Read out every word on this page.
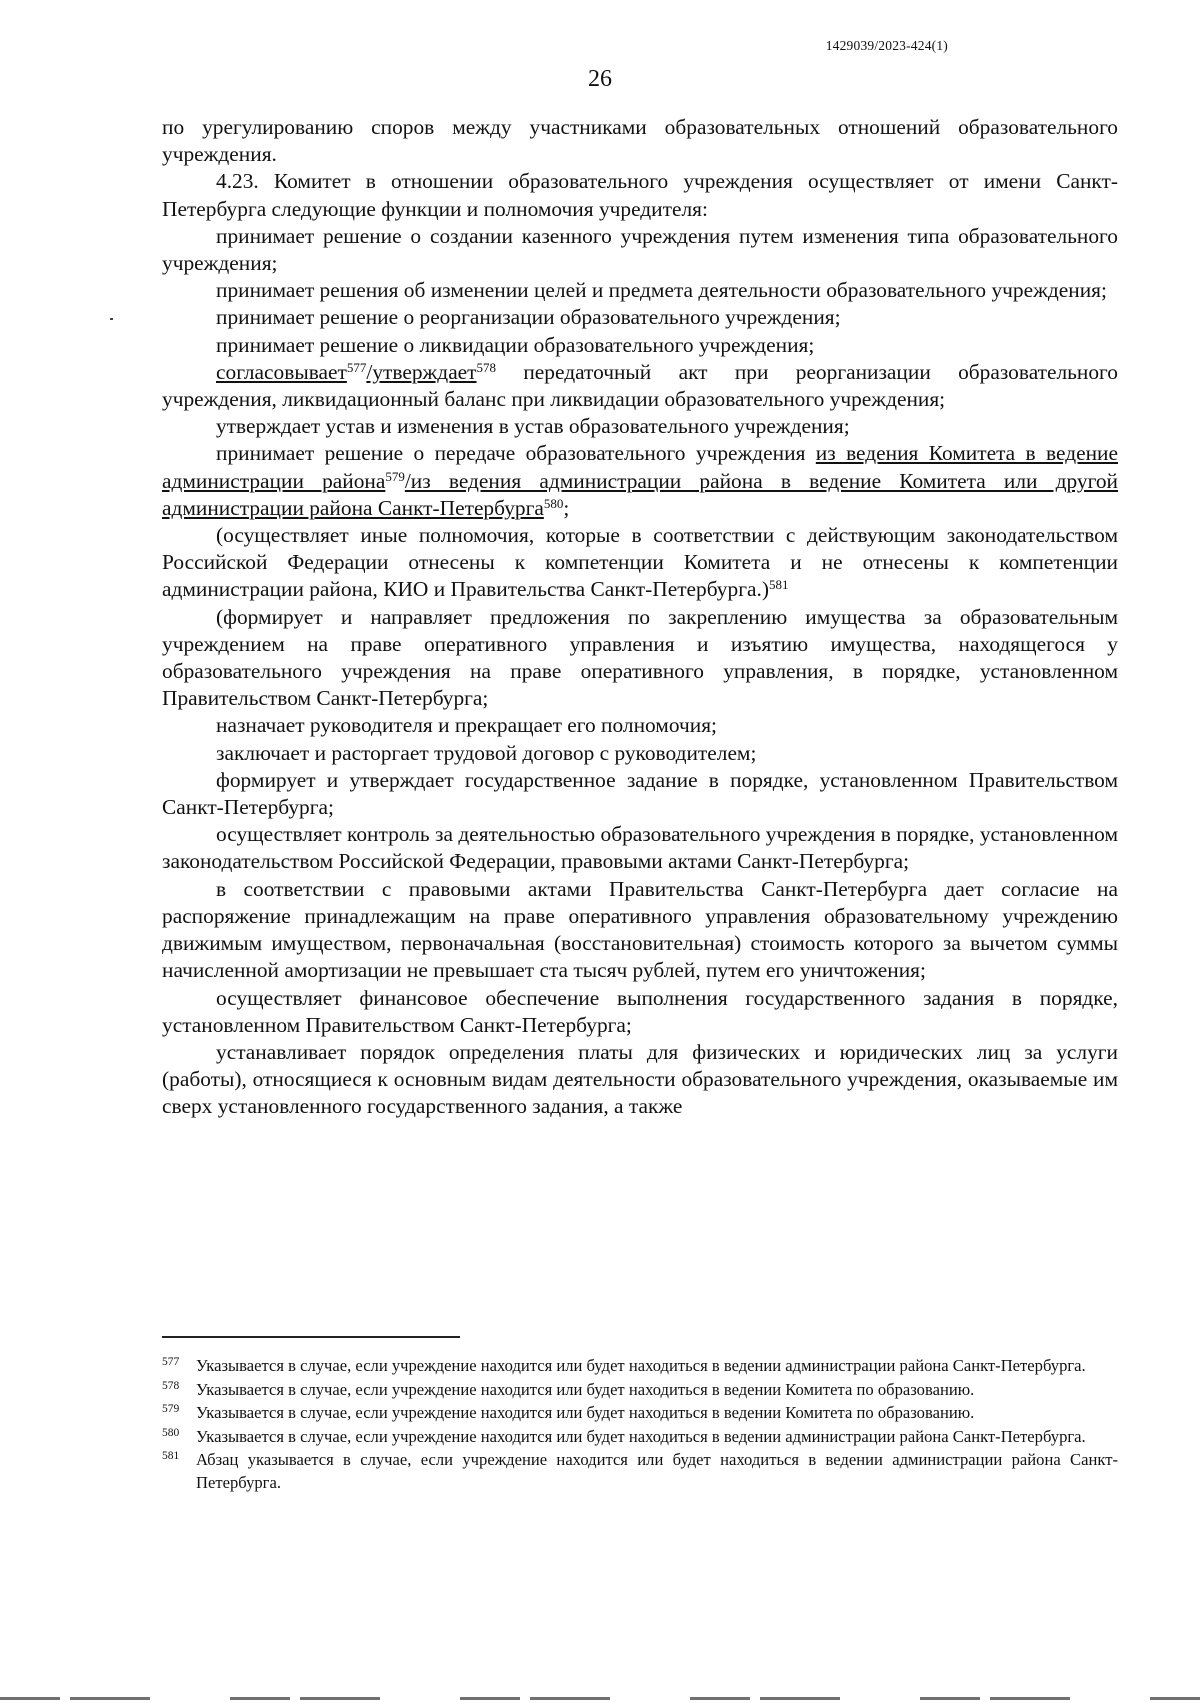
1429039/2023-424(1)
26

по урегулированию споров между участниками образовательных отношений образовательного учреждения.

4.23. Комитет в отношении образовательного учреждения осуществляет от имени Санкт-Петербурга следующие функции и полномочия учредителя:

принимает решение о создании казенного учреждения путем изменения типа образовательного учреждения;

принимает решения об изменении целей и предмета деятельности образовательного учреждения;

принимает решение о реорганизации образовательного учреждения;

принимает решение о ликвидации образовательного учреждения;

согласовывает$^{577}$/утверждает$^{578}$ передаточный акт при реорганизации образовательного учреждения, ликвидационный баланс при ликвидации образовательного учреждения;

утверждает устав и изменения в устав образовательного учреждения;

принимает решение о передаче образовательного учреждения из ведения Комитета в ведение администрации района$^{579}$/из ведения администрации района в ведение Комитета или другой администрации района Санкт-Петербурга$^{580}$;

(осуществляет иные полномочия, которые в соответствии с действующим законодательством Российской Федерации отнесены к компетенции Комитета и не отнесены к компетенции администрации района, КИО и Правительства Санкт-Петербурга.)$^{581}$

(формирует и направляет предложения по закреплению имущества за образовательным учреждением на праве оперативного управления и изъятию имущества, находящегося у образовательного учреждения на праве оперативного управления, в порядке, установленном Правительством Санкт-Петербурга;

назначает руководителя и прекращает его полномочия;

заключает и расторгает трудовой договор с руководителем;

формирует и утверждает государственное задание в порядке, установленном Правительством Санкт-Петербурга;

осуществляет контроль за деятельностью образовательного учреждения в порядке, установленном законодательством Российской Федерации, правовыми актами Санкт-Петербурга;

в соответствии с правовыми актами Правительства Санкт-Петербурга дает согласие на распоряжение принадлежащим на праве оперативного управления образовательному учреждению движимым имуществом, первоначальная (восстановительная) стоимость которого за вычетом суммы начисленной амортизации не превышает ста тысяч рублей, путем его уничтожения;

осуществляет финансовое обеспечение выполнения государственного задания в порядке, установленном Правительством Санкт-Петербурга;

устанавливает порядок определения платы для физических и юридических лиц за услуги (работы), относящиеся к основным видам деятельности образовательного учреждения, оказываемые им сверх установленного государственного задания, а также

577 Указывается в случае, если учреждение находится или будет находиться в ведении администрации района Санкт-Петербурга.
578 Указывается в случае, если учреждение находится или будет находиться в ведении Комитета по образованию.
579 Указывается в случае, если учреждение находится или будет находиться в ведении Комитета по образованию.
580 Указывается в случае, если учреждение находится или будет находиться в ведении администрации района Санкт-Петербурга.
581 Абзац указывается в случае, если учреждение находится или будет находиться в ведении администрации района Санкт-Петербурга.
